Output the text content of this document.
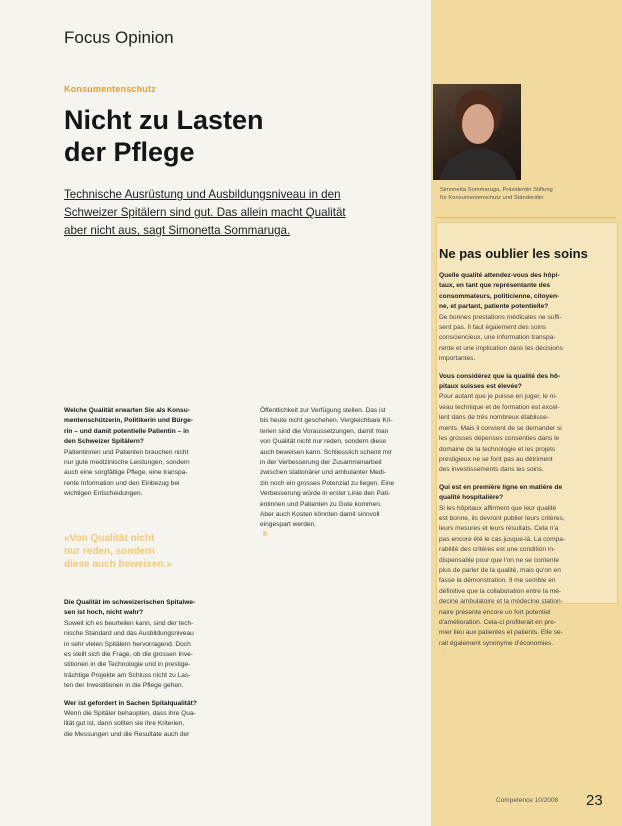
Focus Opinion
Konsumentenschutz
Nicht zu Lasten
der Pflege
Technische Ausrüstung und Ausbildungsniveau in den
Schweizer Spitälern sind gut. Das allein macht Qualität
aber nicht aus, sagt Simonetta Sommaruga.
Welche Qualität erwarten Sie als Konsu-
mentenschützerin, Politikerin und Bürge-
rin – und damit potentielle Patientin – in
den Schweizer Spitälern?
Patientinnen und Patienten brauchen nicht
nur gute medizinische Leistungen, sondern
auch eine sorgfältige Pflege, eine transpa-
rente Information und den Einbezug bei
wichtigen Entscheidungen.
«Von Qualität nicht
nur reden, sondern
diese auch beweisen.»
Die Qualität im schweizerischen Spitalwe-
sen ist hoch, nicht wahr?
Soweit ich es beurteilen kann, sind der tech-
nische Standard und das Ausbildungsniveau
in sehr vielen Spitälern hervorragend. Doch
es stellt sich die Frage, ob die grossen Inve-
stitionen in die Technologie und in prestige-
trächtige Projekte am Schluss nicht zu Las-
ten der Investitionen in die Pflege gehen.
Wer ist gefordert in Sachen Spitalqualität?
Wenn die Spitäler behaupten, dass ihre Qua-
lität gut ist, dann sollten sie ihre Kriterien,
die Messungen und die Resultate auch der
Öffentlichkeit zur Verfügung stellen. Das ist
bis heute nicht geschehen. Vergleichbare Kri-
terien sind die Voraussetzungen, damit man
von Qualität nicht nur reden, sondern diese
auch beweisen kann. Schliesslich scheint mir
in der Verbesserung der Zusammenarbeit
zwischen stationärer und ambulanter Medi-
zin noch ein grosses Potenzial zu liegen. Eine
Verbesserung würde in erster Linie den Pati-
entinnen und Patienten zu Gute kommen.
Aber auch Kosten könnten damit sinnvoll
eingespart werden.
Simonetta Sommaruga, Präsidentin Stiftung
für Konsumentenschutz und Ständerätin
Ne pas oublier les soins
Quelle qualité attendez-vous des hôpi-
taux, en tant que représentante des
consommateurs, politicienne, citoyen-
ne, et partant, patiente potentielle?
De bonnes prestations médicales ne suffi-
sent pas. Il faut également des soins
consciencieux, une information transpa-
rente et une implication dans les décisions
importantes.
Vous considérez que la qualité des hô-
pitaux suisses est élevée?
Pour autant que je puisse en juger, le ni-
veau technique et de formation est excel-
lent dans de très nombreux établisse-
ments. Mais il convient de se demander si
les grosses dépenses consenties dans le
domaine de la technologie et les projets
prestigieux ne se font pas au détriment
des investissements dans les soins.
Qui est en première ligne en matière de
qualité hospitalière?
Si les hôpitaux affirment que leur qualité
est bonne, ils devront publier leurs critères,
leurs mesures et leurs résultats. Cela n'a
pas encore été le cas jusque-là. La compa-
rabilité des critères est une condition in-
dispensable pour que l'on ne se contente
plus de parler de la qualité, mais qu'on en
fasse la démonstration. Il me semble en
définitive que la collaboration entre la mé-
decine ambulatoire et la médecine station-
naire présente encore un fort potentiel
d'amélioration. Cela-ci profiterait en pre-
mier lieu aux patientes et patients. Elle se-
rait également synonyme d'économies.
Competence 10/2008 23
